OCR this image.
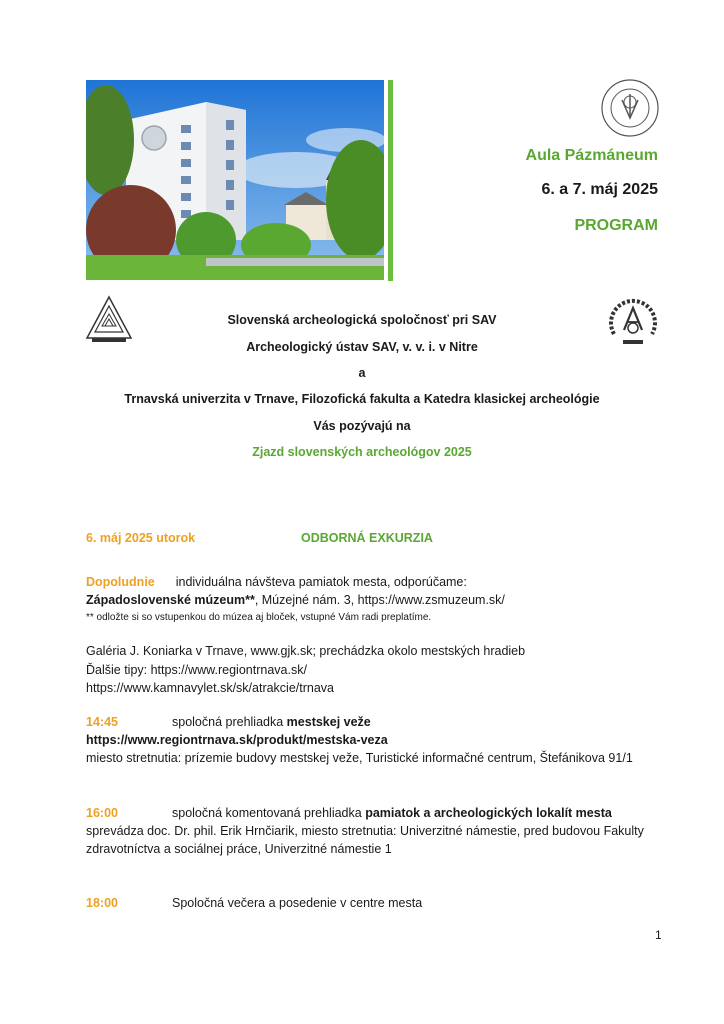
Aula Pázmáneum
6. a 7. máj 2025
PROGRAM
Slovenská archeologická spoločnosť pri SAV
Archeologický ústav SAV, v. v. i. v Nitre
a
Trnavská univerzita v Trnave, Filozofická fakulta a Katedra klasickej archeológie
Vás pozývajú na
Zjazd slovenských archeológov 2025
6. máj 2025 utorok	ODBORNÁ EXKURZIA
Dopoludnie individuálna návšteva pamiatok mesta, odporúčame:
Západoslovenské múzeum**, Múzejné nám. 3, https://www.zsmuzeum.sk/
** odložte si so vstupenkou do múzea aj bloček, vstupné Vám radi preplatíme.
Galéria J. Koniarka v Trnave, www.gjk.sk; prechádzka okolo mestských hradieb
Ďalšie tipy: https://www.regiontrnava.sk/
https://www.kamnavylet.sk/sk/atrakcie/trnava
14:45	spoločná prehliadka mestskej veže
https://www.regiontrnava.sk/produkt/mestska-veza
miesto stretnutia: prízemie budovy mestskej veže, Turistické informačné centrum, Štefánikova 91/1
16:00	spoločná komentovaná prehliadka pamiatok a archeologických lokalít mesta
sprevádza doc. Dr. phil. Erik Hrnčiarik, miesto stretnutia: Univerzitné námestie, pred budovou Fakulty
zdravotníctva a sociálnej práce, Univerzitné námestie 1
18:00	Spoločná večera a posedenie v centre mesta
1
